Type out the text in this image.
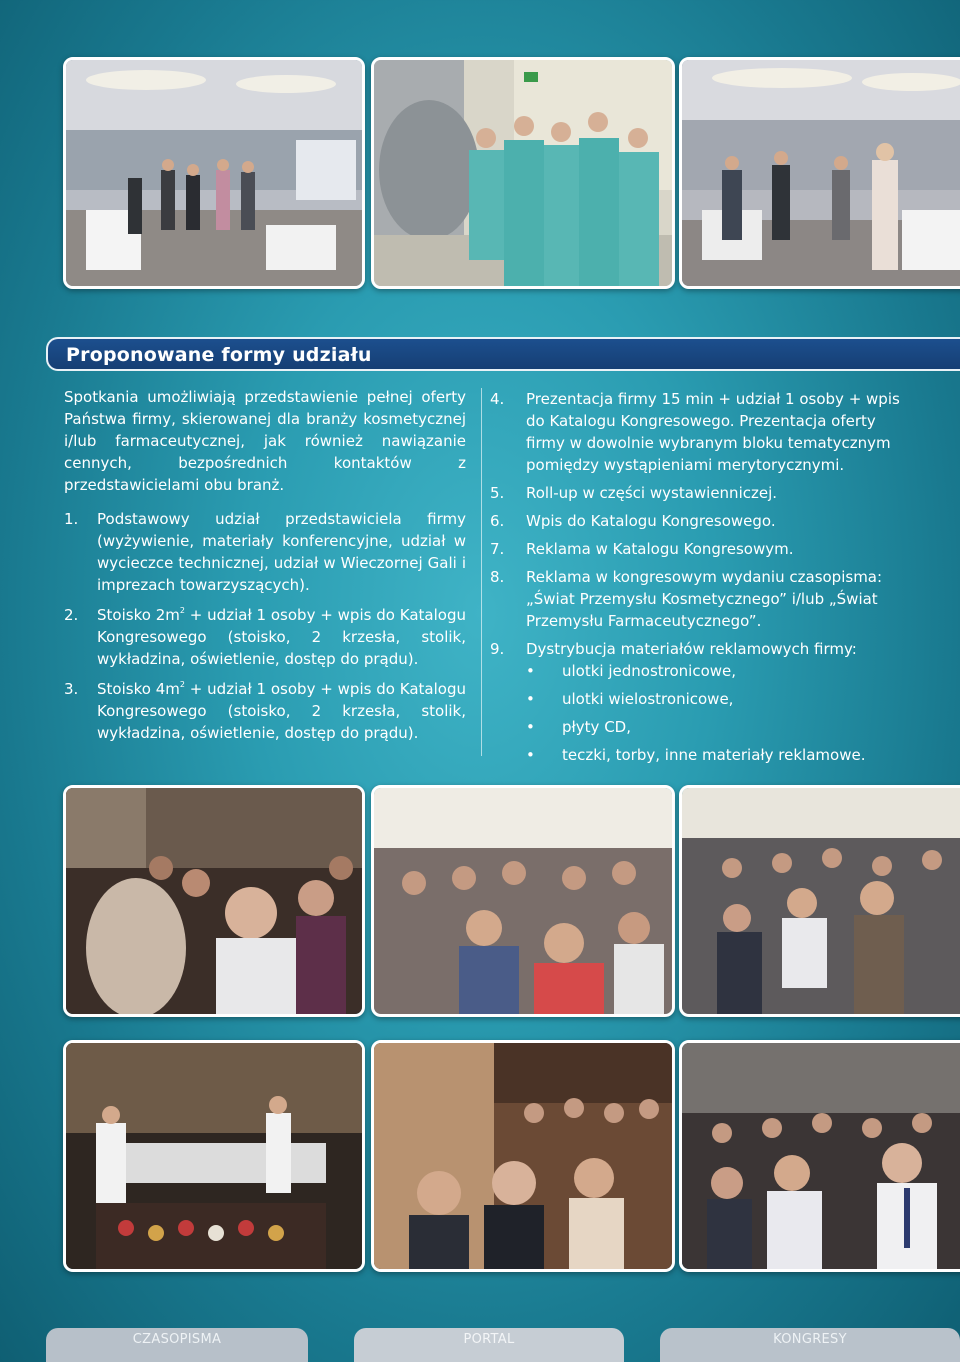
Proponowane formy udziału

Spotkania umożliwiają przedstawienie pełnej oferty Państwa firmy, skierowanej dla branży kosmetycznej i/lub farmaceutycznej, jak również nawiązanie cennych, bezpośrednich kontaktów z przedstawicielami obu branż.

1. Podstawowy udział przedstawiciela firmy (wyżywienie, materiały konferencyjne, udział w wycieczce technicznej, udział w Wieczornej Gali i imprezach towarzyszących).
2. Stoisko $2m^2$ + udział 1 osoby + wpis do Katalogu Kongresowego (stoisko, 2 krzesła, stolik, wykładzina, oświetlenie, dostęp do prądu).
3. Stoisko $4m^2$ + udział 1 osoby + wpis do Katalogu Kongresowego (stoisko, 2 krzesła, stolik, wykładzina, oświetlenie, dostęp do prądu).
4. Prezentacja firmy 15 min + udział 1 osoby + wpis do Katalogu Kongresowego. Prezentacja oferty firmy w dowolnie wybranym bloku tematycznym pomiędzy wystąpieniami merytorycznymi.
5. Roll-up w części wystawienniczej.
6. Wpis do Katalogu Kongresowego.
7. Reklama w Katalogu Kongresowym.
8. Reklama w kongresowym wydaniu czasopisma: „Świat Przemysłu Kosmetycznego” i/lub „Świat Przemysłu Farmaceutycznego”.
9. Dystrybucja materiałów reklamowych firmy:
• ulotki jednostronicowe,
• ulotki wielostronicowe,
• płyty CD,
• teczki, torby, inne materiały reklamowe.
CZASOPISMA	PORTAL	KONGRESY
